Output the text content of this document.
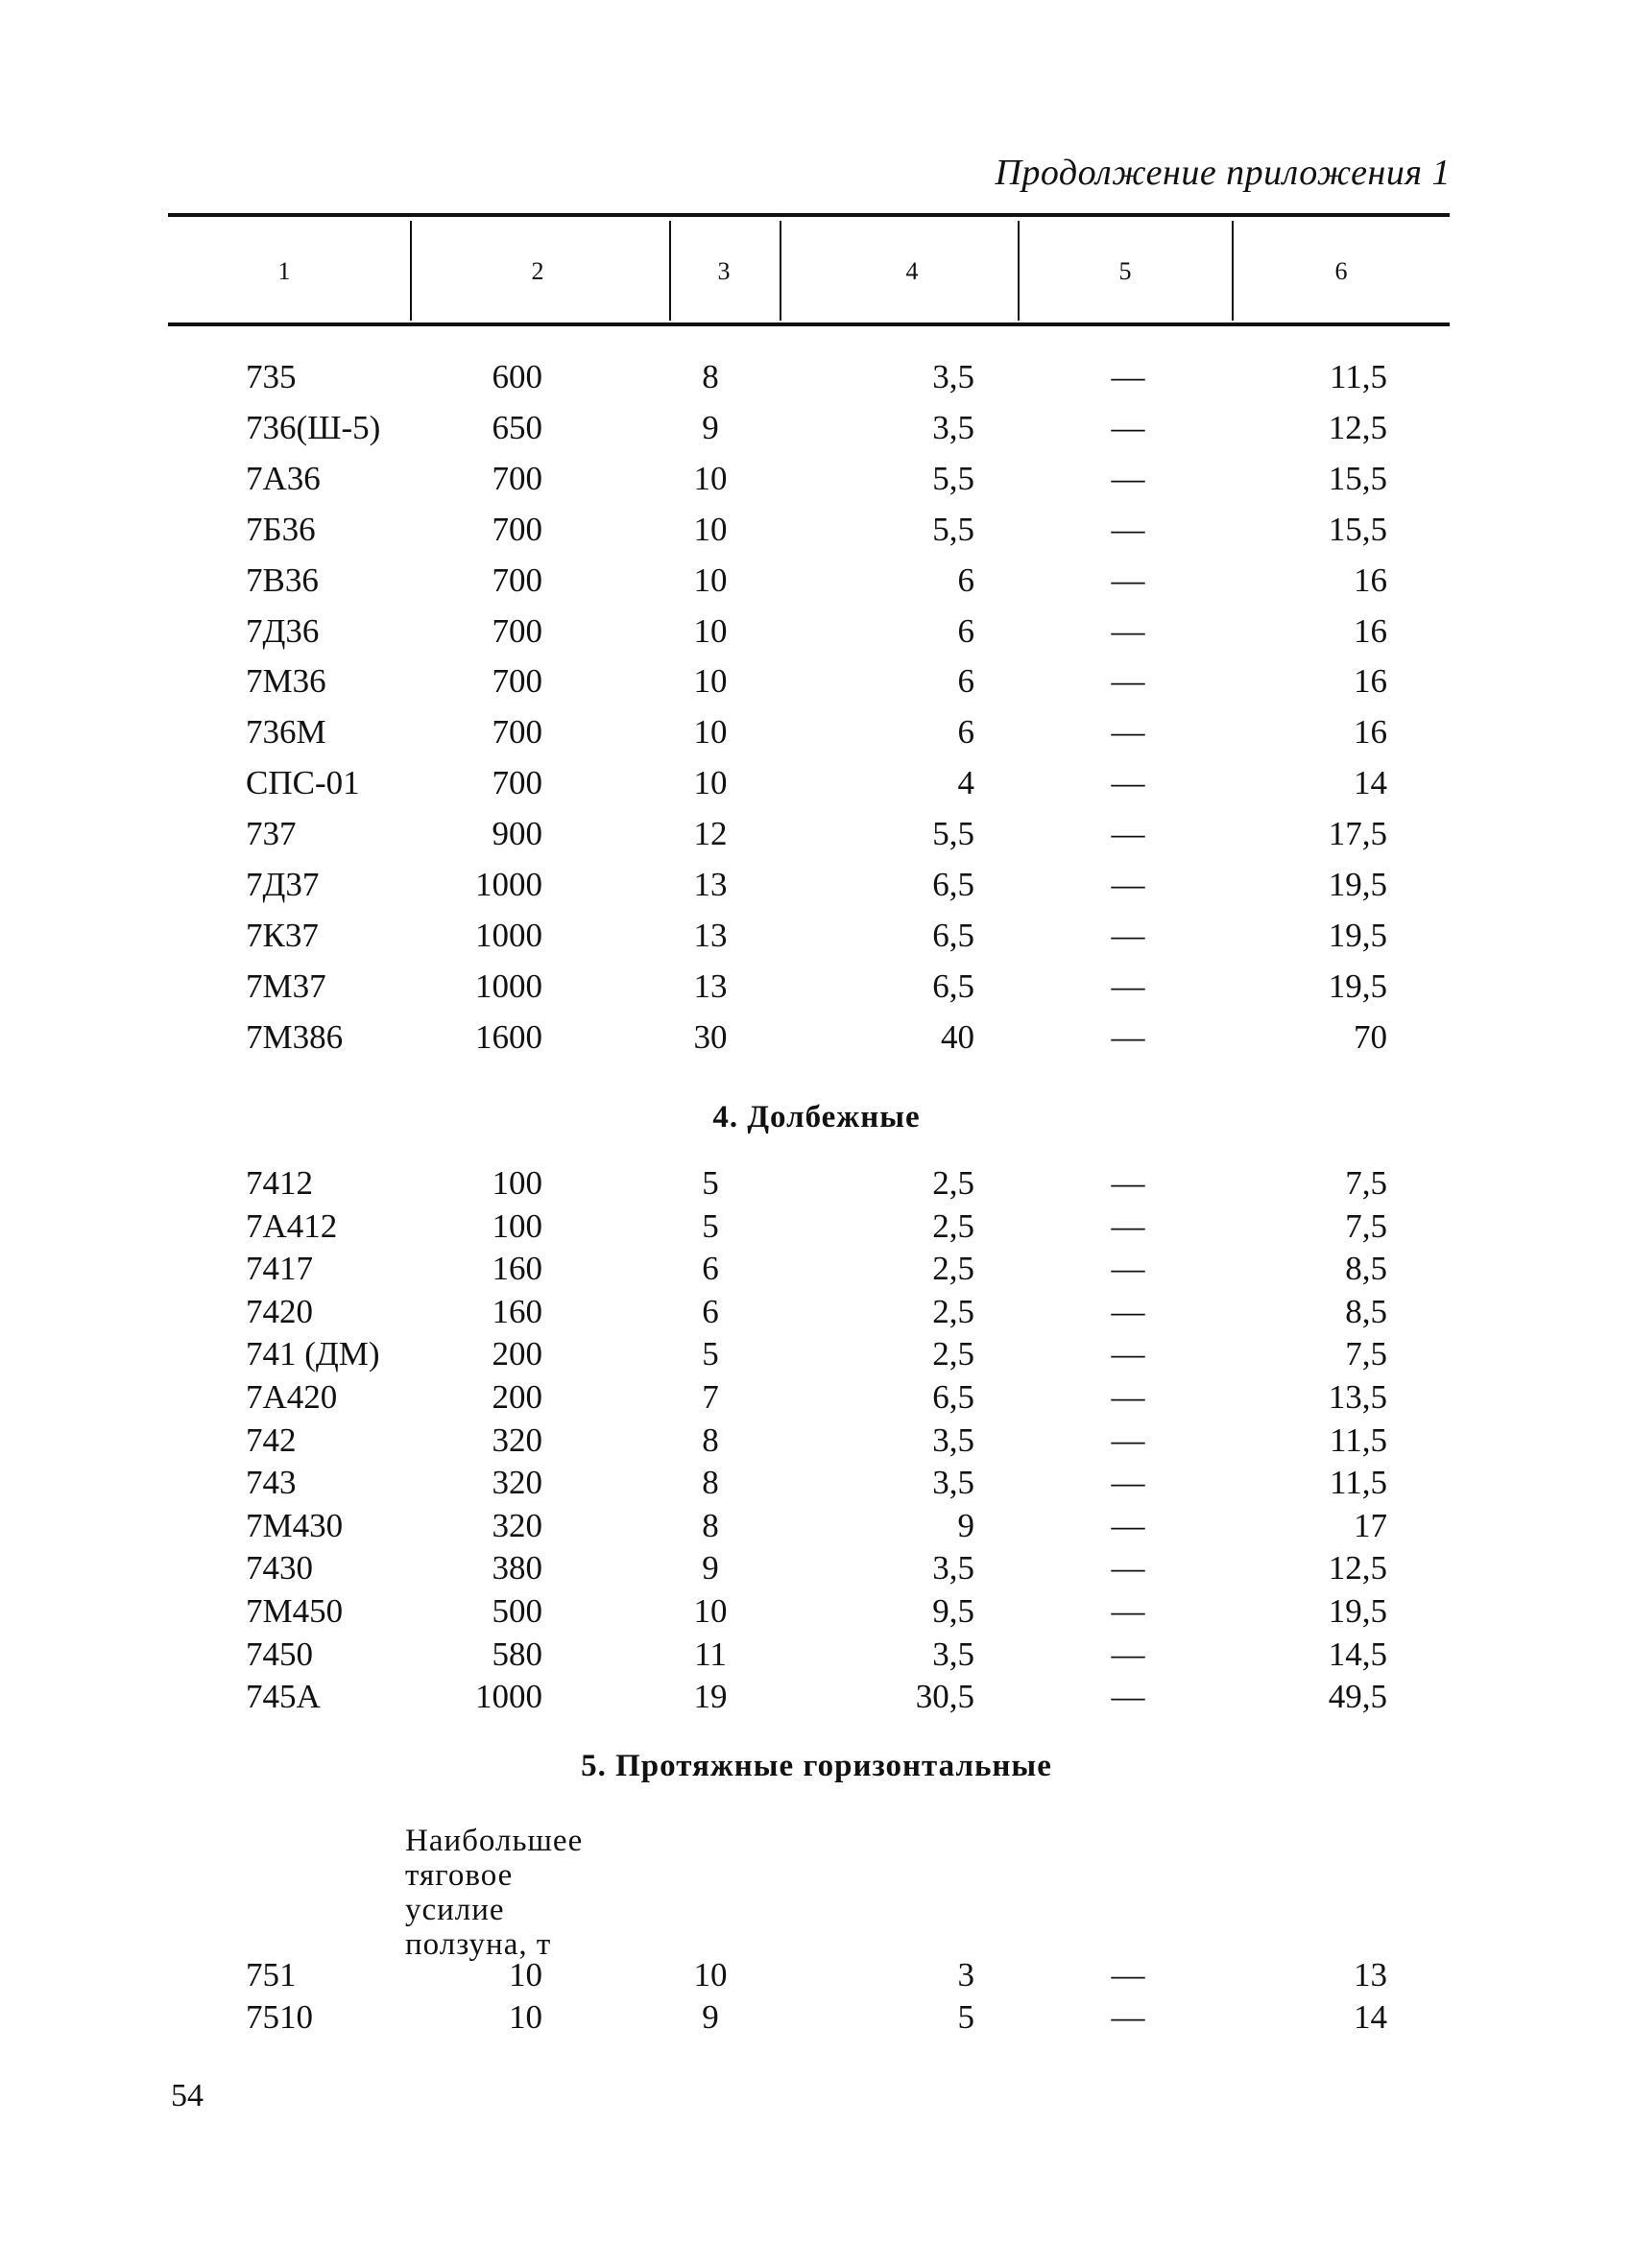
Продолжение приложения 1
1	2	3	4	5	6
735	600	8	3,5	—	11,5
736(Ш-5)	650	9	3,5	—	12,5
7А36	700	10	5,5	—	15,5
7Б36	700	10	5,5	—	15,5
7В36	700	10	6	—	16
7Д36	700	10	6	—	16
7М36	700	10	6	—	16
736М	700	10	6	—	16
СПС-01	700	10	4	—	14
737	900	12	5,5	—	17,5
7Д37	1000	13	6,5	—	19,5
7К37	1000	13	6,5	—	19,5
7М37	1000	13	6,5	—	19,5
7М386	1600	30	40	—	70
4. Долбежные
7412	100	5	2,5	—	7,5
7А412	100	5	2,5	—	7,5
7417	160	6	2,5	—	8,5
7420	160	6	2,5	—	8,5
741 (ДМ)	200	5	2,5	—	7,5
7А420	200	7	6,5	—	13,5
742	320	8	3,5	—	11,5
743	320	8	3,5	—	11,5
7М430	320	8	9	—	17
7430	380	9	3,5	—	12,5
7М450	500	10	9,5	—	19,5
7450	580	11	3,5	—	14,5
745А	1000	19	30,5	—	49,5
5. Протяжные горизонтальные
Наибольшее
тяговое
усилие
ползуна, т
751	10	10	3	—	13
7510	10	9	5	—	14
54
